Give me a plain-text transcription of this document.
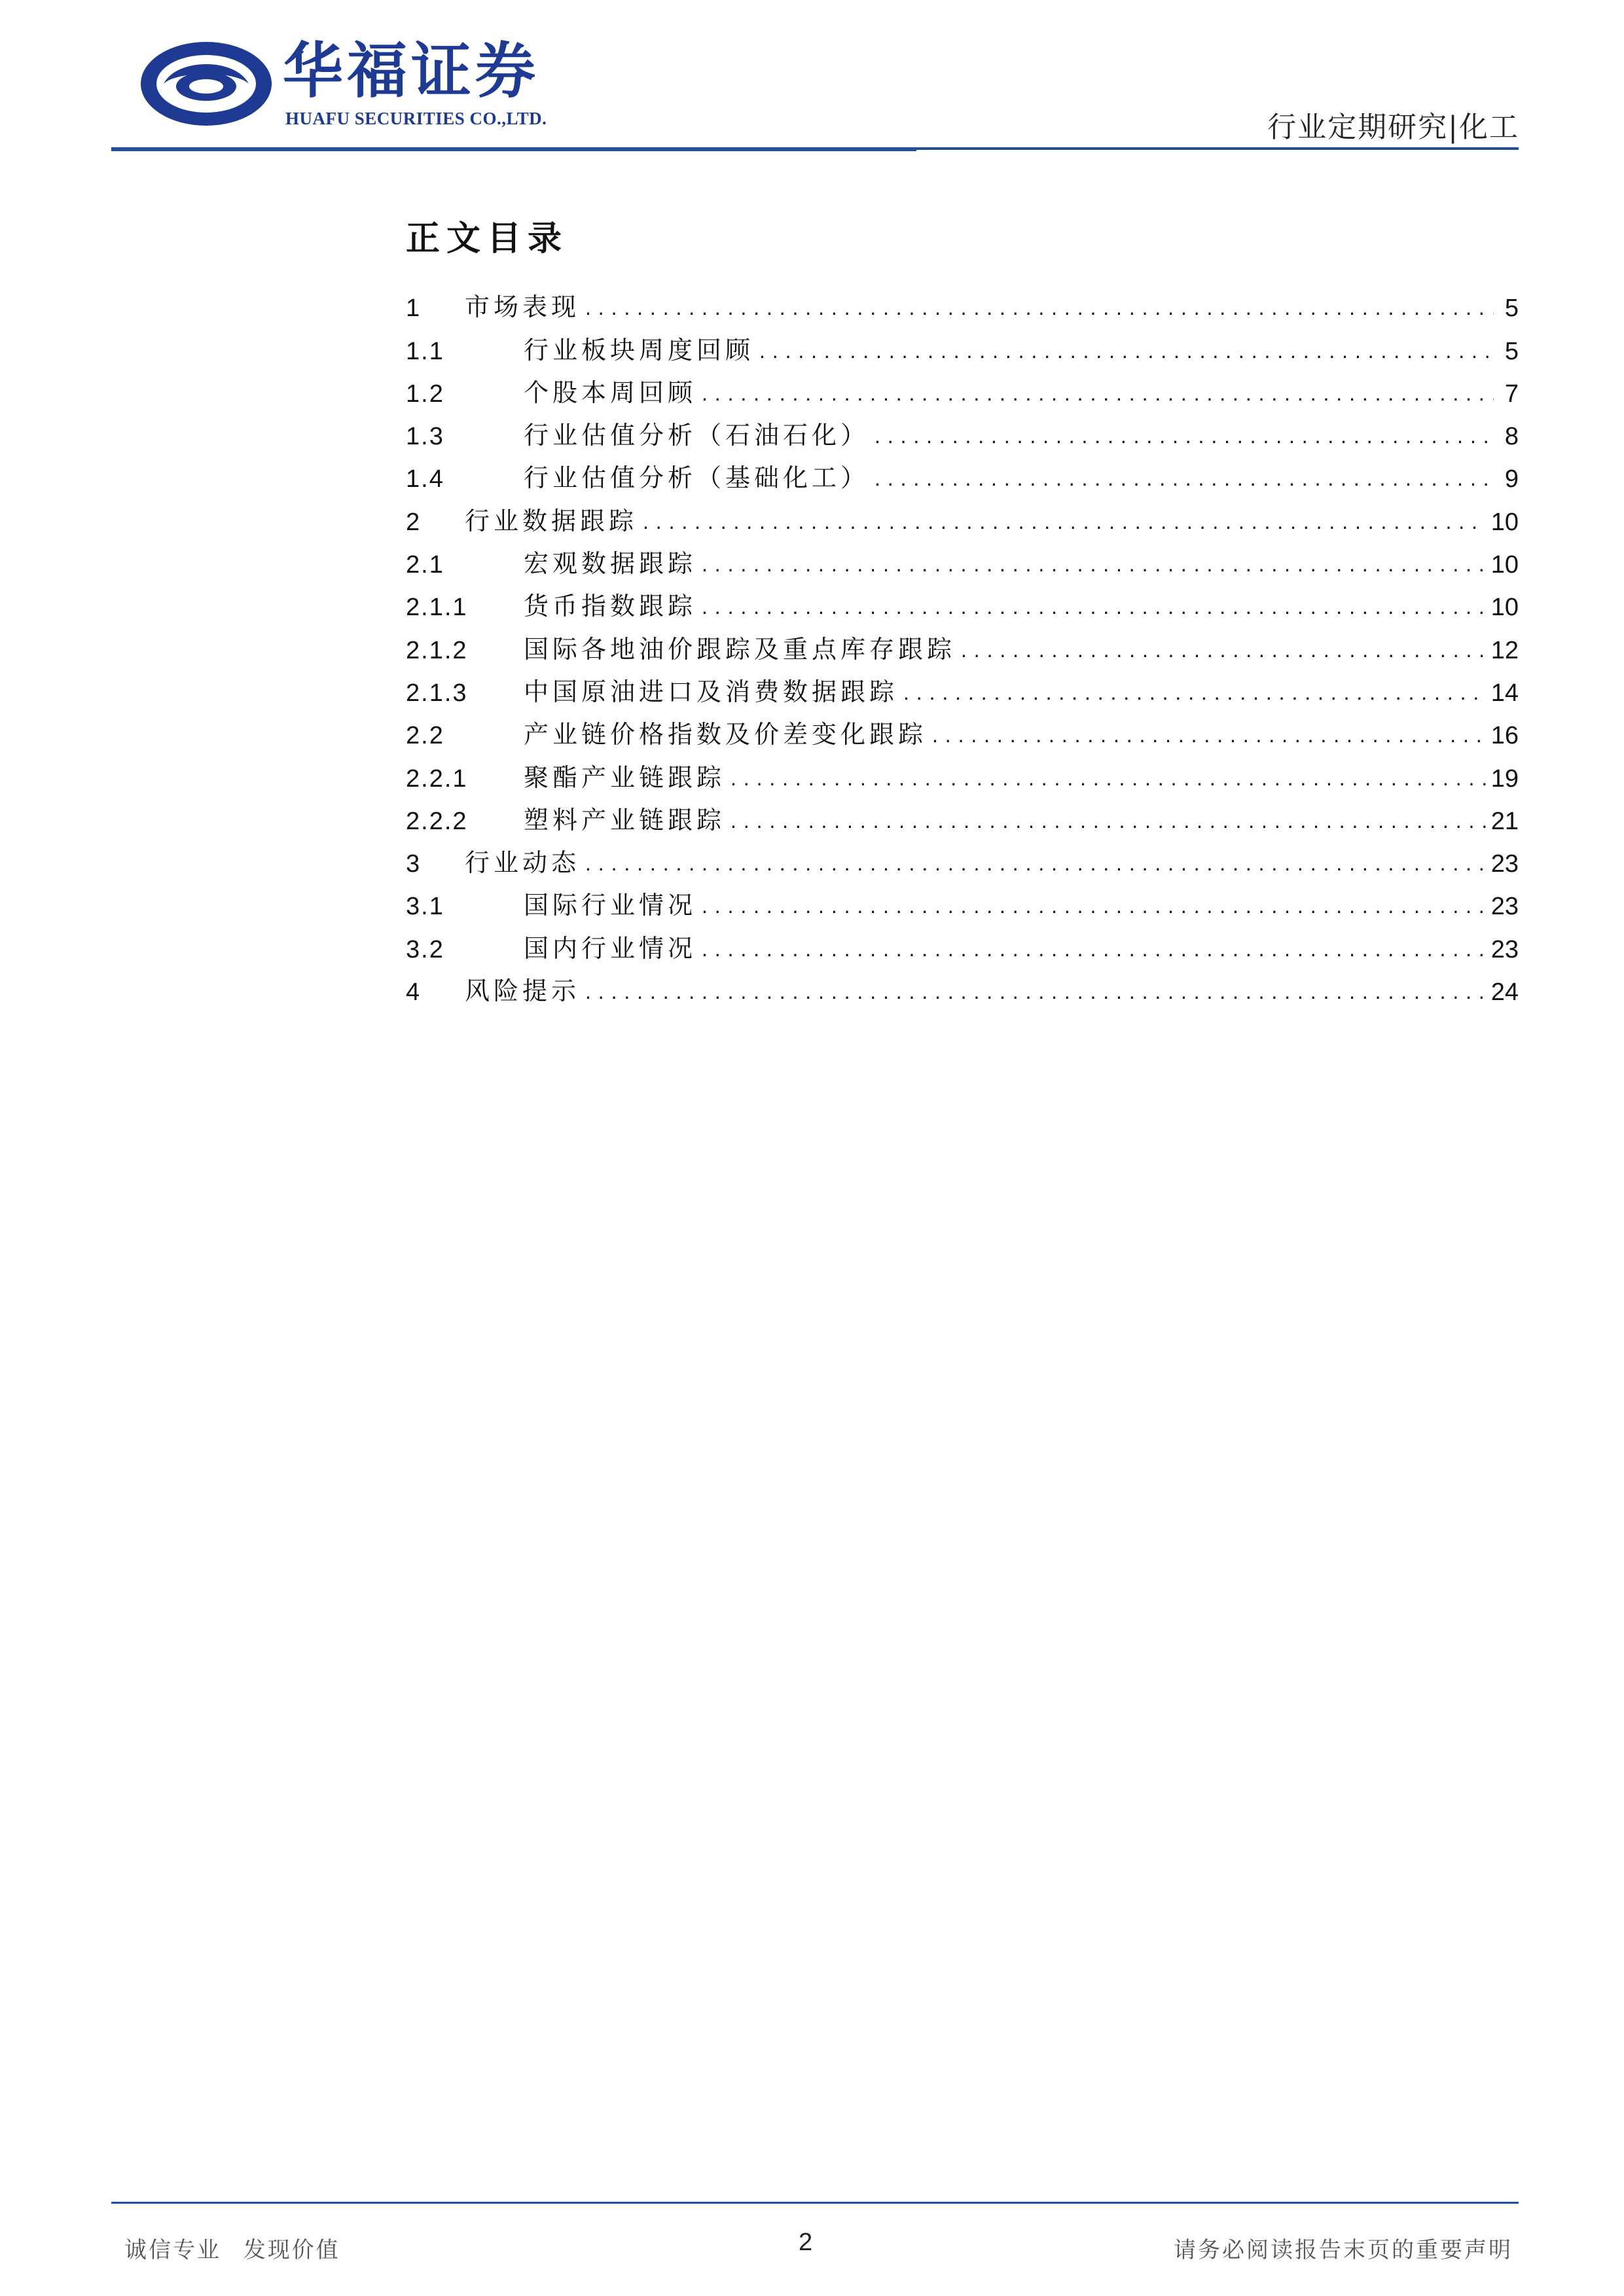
华福证券
HUAFU SECURITIES CO.,LTD.	行业定期研究|化工
正文目录
1	市场表现 . . .	5
1.1	行业板块周度回顾 . . .	5
1.2	个股本周回顾 . . .	7
1.3	行业估值分析（石油石化） . . .	8
1.4	行业估值分析（基础化工） . . .	9
2	行业数据跟踪 . . .	10
2.1	宏观数据跟踪 . . .	10
2.1.1	货币指数跟踪 . . .	10
2.1.2	国际各地油价跟踪及重点库存跟踪 . . .	12
2.1.3	中国原油进口及消费数据跟踪 . . .	14
2.2	产业链价格指数及价差变化跟踪 . . .	16
2.2.1	聚酯产业链跟踪 . . .	19
2.2.2	塑料产业链跟踪 . . .	21
3	行业动态 . . .	23
3.1	国际行业情况 . . .	23
3.2	国内行业情况 . . .	23
4	风险提示 . . .	24
诚信专业 发现价值	2	请务必阅读报告末页的重要声明
